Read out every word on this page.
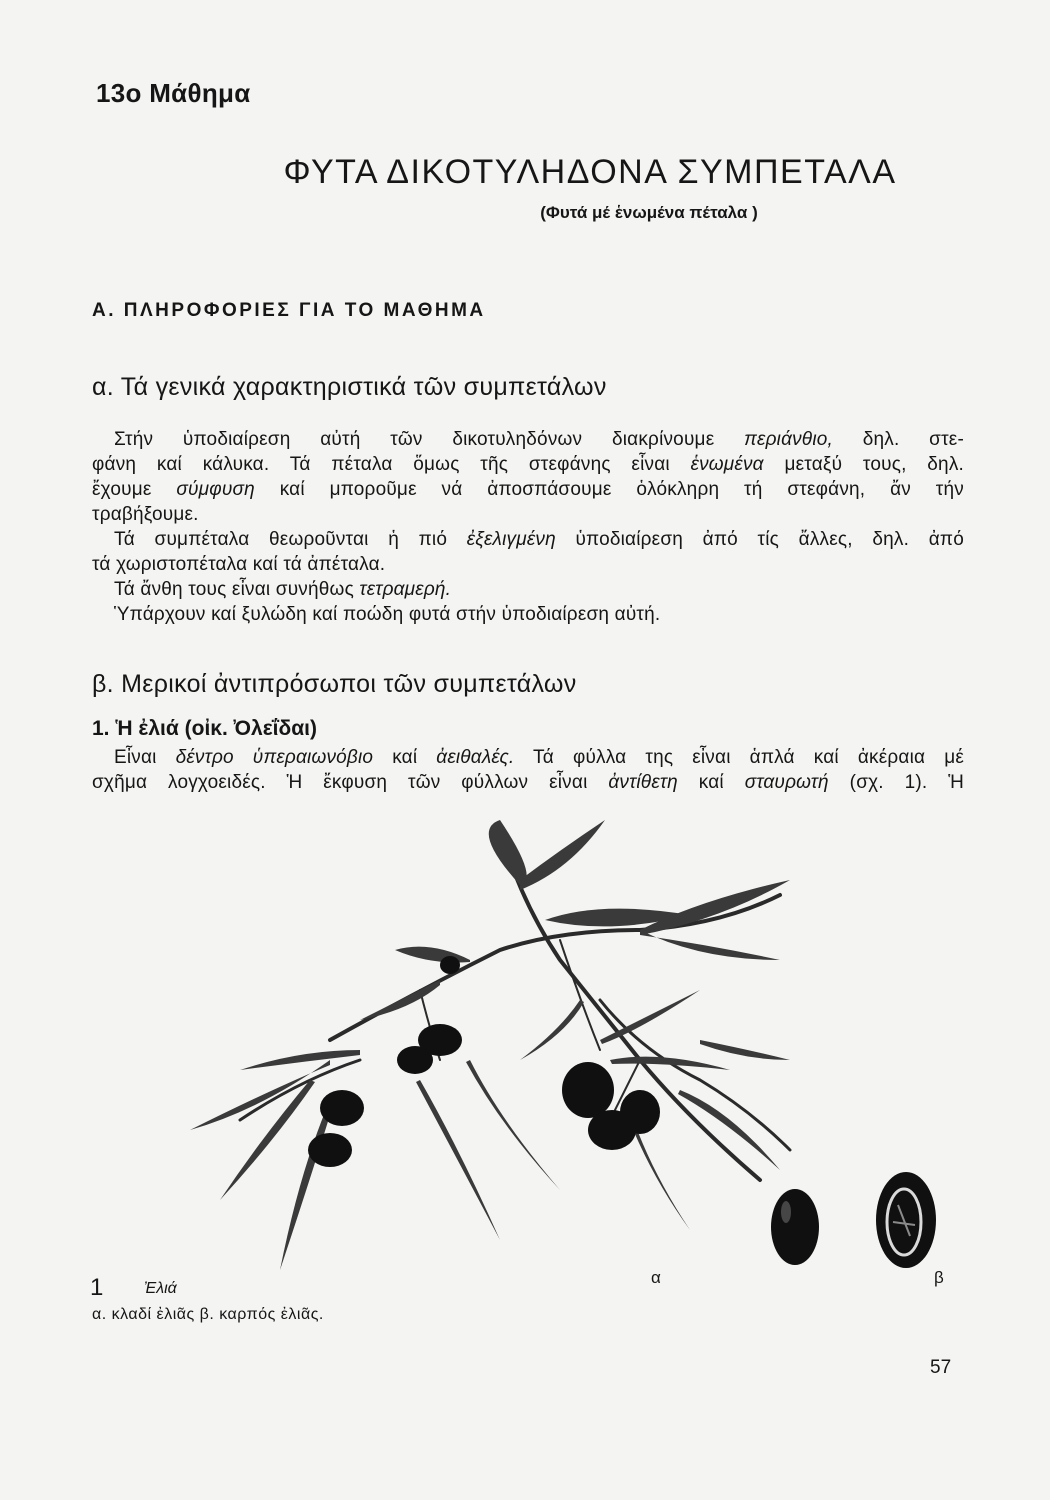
13ο Μάθημα
ΦΥΤΑ ΔΙΚΟΤΥΛΗΔΟΝΑ ΣΥΜΠΕΤΑΛΑ
(Φυτά μέ ἑνωμένα πέταλα )
Α. ΠΛΗΡΟΦΟΡΙΕΣ ΓΙΑ ΤΟ ΜΑΘΗΜΑ
α. Τά γενικά χαρακτηριστικά τῶν συμπετάλων

Στήν ὑποδιαίρεση αὐτή τῶν δικοτυληδόνων διακρίνουμε περιάνθιο, δηλ. στε-

φάνη καί κάλυκα. Τά πέταλα ὅμως τῆς στεφάνης εἶναι ἑνωμένα μεταξύ τους, δηλ.

ἔχουμε σύμφυση καί μποροῦμε νά ἀποσπάσουμε ὁλόκληρη τή στεφάνη, ἄν τήν

τραβήξουμε.

Τά συμπέταλα θεωροῦνται ἡ πιό ἐξελιγμένη ὑποδιαίρεση ἀπό τίς ἄλλες, δηλ. ἀπό

τά χωριστοπέταλα καί τά ἀπέταλα.

Τά ἄνθη τους εἶναι συνήθως τετραμερή.

Ὑπάρχουν καί ξυλώδη καί ποώδη φυτά στήν ὑποδιαίρεση αὐτή.

β. Μερικοί ἀντιπρόσωποι τῶν συμπετάλων
1. Ἡ ἐλιά (οἰκ. Ὀλεΐδαι)

Εἶναι δέντρο ὑπεραιωνόβιο καί ἀειθαλές. Τά φύλλα της εἶναι ἁπλά καί ἀκέραια μέ

σχῆμα λογχοειδές. Ἡ ἔκφυση τῶν φύλλων εἶναι ἀντίθετη καί σταυρωτή (σχ. 1). Ἡ

1	Ἐλιά
α. κλαδί ἐλιᾶς β. καρπός ἐλιᾶς.
α	β
57
